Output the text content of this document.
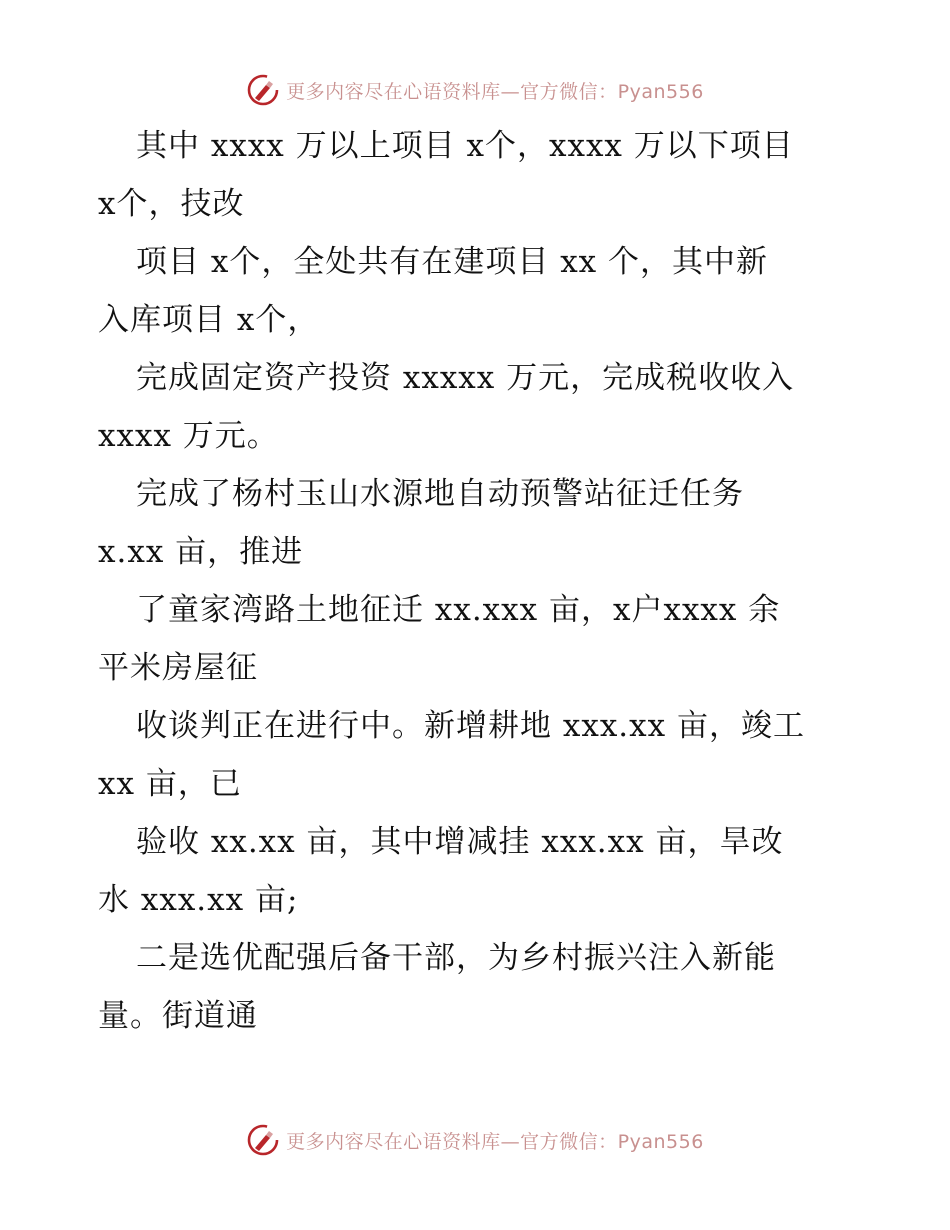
更多内容尽在心语资料库—官方微信：Pyan556
其中 xxxx 万以上项目 x个，xxxx 万以下项目
x个，技改
项目 x个，全处共有在建项目 xx 个，其中新
入库项目 x个，
完成固定资产投资 xxxxx 万元，完成税收收入
xxxx 万元。
完成了杨村玉山水源地自动预警站征迁任务
x.xx 亩，推进
了童家湾路土地征迁 xx.xxx 亩，x户xxxx 余
平米房屋征
收谈判正在进行中。新增耕地 xxx.xx 亩，竣工
xx 亩，已
验收 xx.xx 亩，其中增减挂 xxx.xx 亩，旱改
水 xxx.xx 亩;
二是选优配强后备干部，为乡村振兴注入新能
量。街道通
更多内容尽在心语资料库—官方微信：Pyan556
